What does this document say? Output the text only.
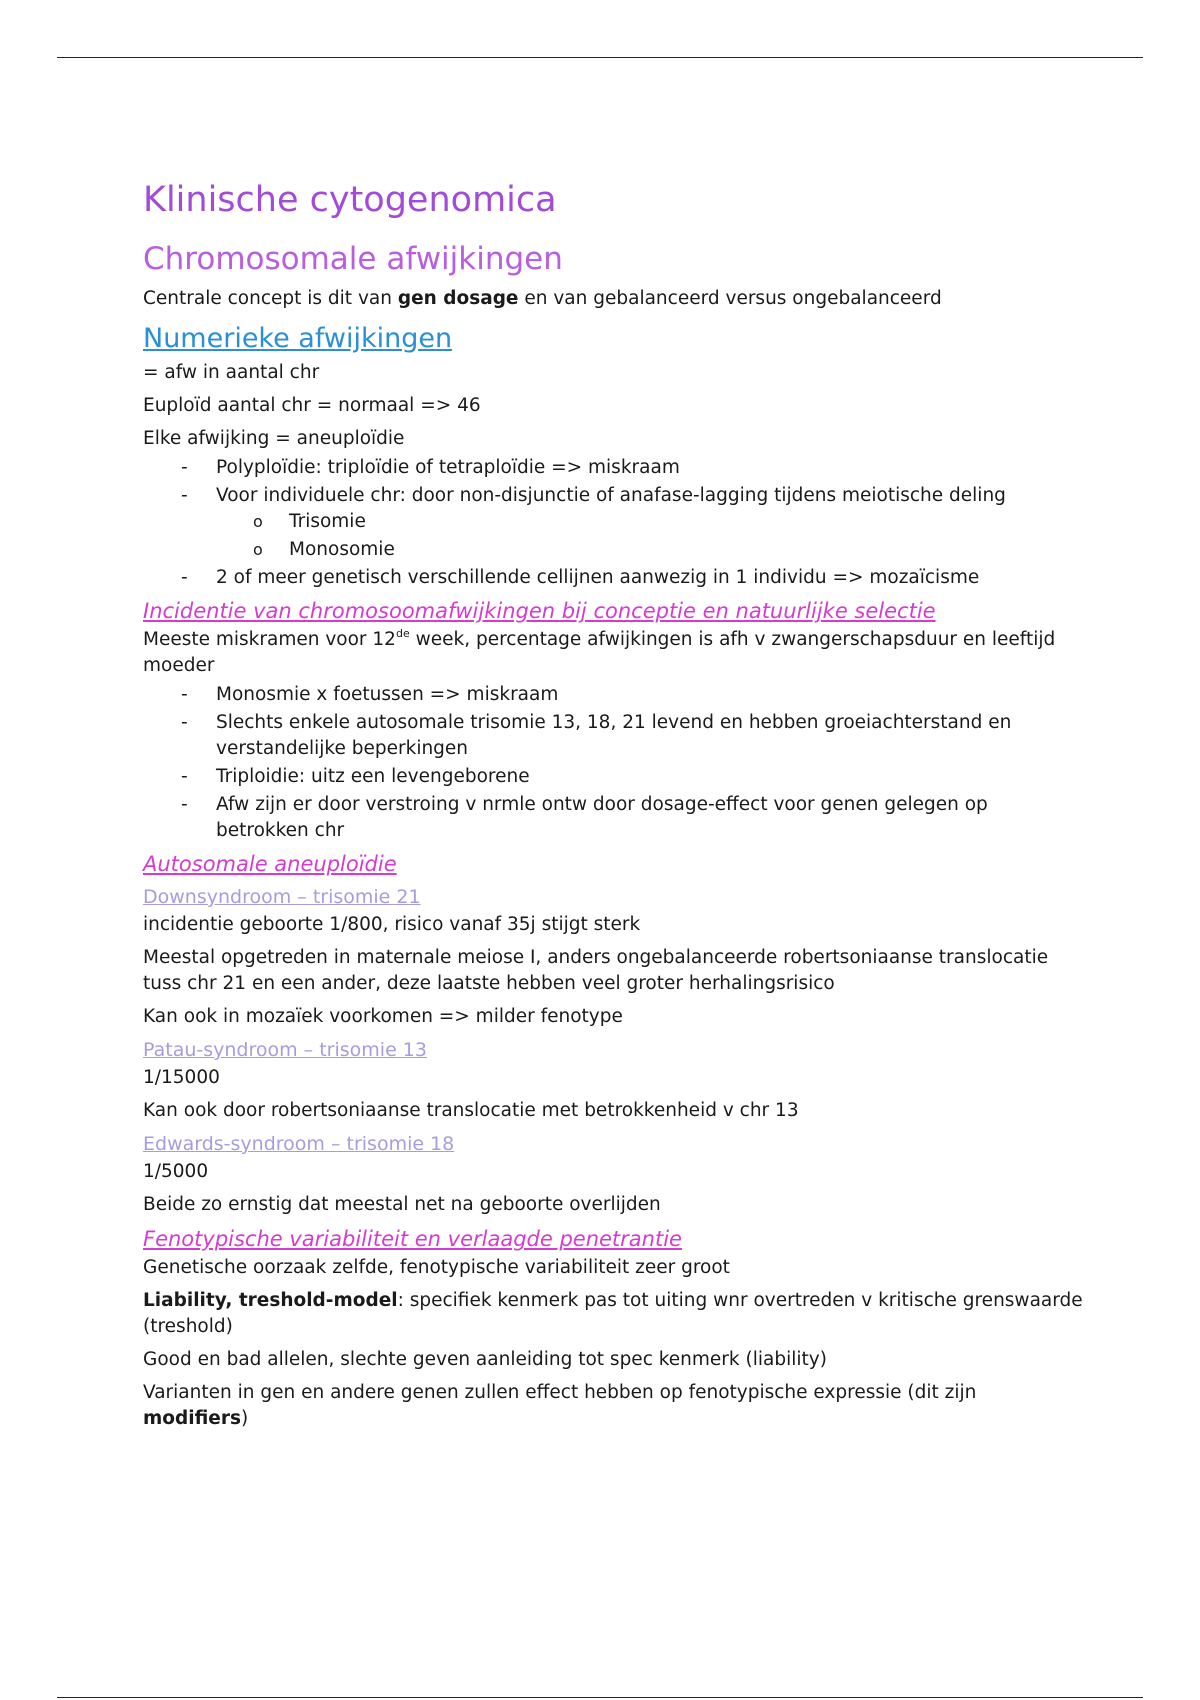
Klinische cytogenomica
Chromosomale afwijkingen

Centrale concept is dit van gen dosage en van gebalanceerd versus ongebalanceerd

Numerieke afwijkingen

= afw in aantal chr

Euploïd aantal chr = normaal => 46

Elke afwijking = aneuploïdie

- Polyploïdie: triploïdie of tetraploïdie => miskraam
- Voor individuele chr: door non-disjunctie of anafase-lagging tijdens meiotische deling
o Trisomie
o Monosomie
- 2 of meer genetisch verschillende cellijnen aanwezig in 1 individu => mozaïcisme
Incidentie van chromosoomafwijkingen bij conceptie en natuurlijke selectie

Meeste miskramen voor 12de week, percentage afwijkingen is afh v zwangerschapsduur en leeftijd moeder

- Monosmie x foetussen => miskraam
- Slechts enkele autosomale trisomie 13, 18, 21 levend en hebben groeiachterstand en verstandelijke beperkingen
- Triploidie: uitz een levengeborene
- Afw zijn er door verstroing v nrmle ontw door dosage-effect voor genen gelegen op betrokken chr
Autosomale aneuploïdie
Downsyndroom – trisomie 21

incidentie geboorte 1/800, risico vanaf 35j stijgt sterk

Meestal opgetreden in maternale meiose I, anders ongebalanceerde robertsoniaanse translocatie tuss chr 21 en een ander, deze laatste hebben veel groter herhalingsrisico

Kan ook in mozaïek voorkomen => milder fenotype

Patau-syndroom – trisomie 13

1/15000

Kan ook door robertsoniaanse translocatie met betrokkenheid v chr 13

Edwards-syndroom – trisomie 18

1/5000

Beide zo ernstig dat meestal net na geboorte overlijden

Fenotypische variabiliteit en verlaagde penetrantie

Genetische oorzaak zelfde, fenotypische variabiliteit zeer groot

Liability, treshold-model: specifiek kenmerk pas tot uiting wnr overtreden v kritische grenswaarde (treshold)

Good en bad allelen, slechte geven aanleiding tot spec kenmerk (liability)

Varianten in gen en andere genen zullen effect hebben op fenotypische expressie (dit zijn modifiers)
